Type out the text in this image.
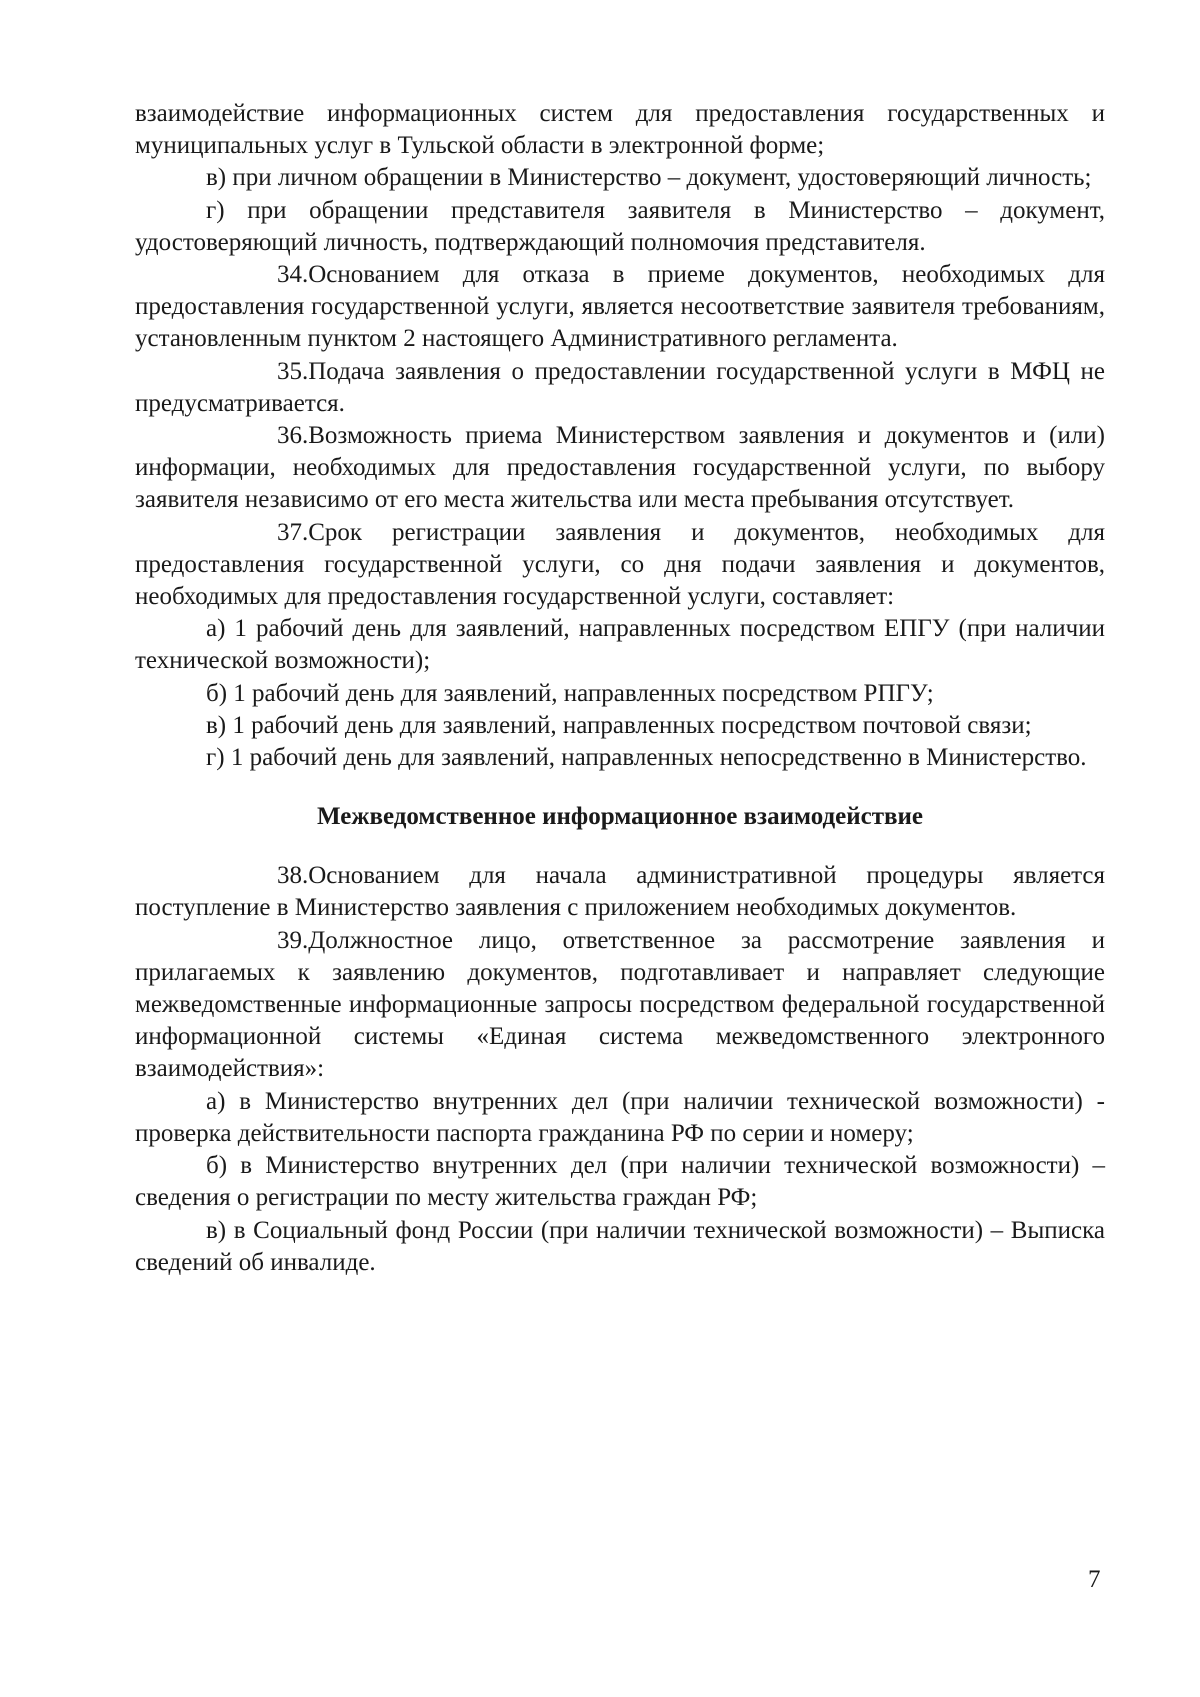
взаимодействие информационных систем для предоставления государственных и муниципальных услуг в Тульской области в электронной форме;

в) при личном обращении в Министерство – документ, удостоверяющий личность;

г) при обращении представителя заявителя в Министерство – документ, удостоверяющий личность, подтверждающий полномочия представителя.

34.Основанием для отказа в приеме документов, необходимых для предоставления государственной услуги, является несоответствие заявителя требованиям, установленным пунктом 2 настоящего Административного регламента.

35.Подача заявления о предоставлении государственной услуги в МФЦ не предусматривается.

36.Возможность приема Министерством заявления и документов и (или) информации, необходимых для предоставления государственной услуги, по выбору заявителя независимо от его места жительства или места пребывания отсутствует.

37.Срок регистрации заявления и документов, необходимых для предоставления государственной услуги, со дня подачи заявления и документов, необходимых для предоставления государственной услуги, составляет:

а) 1 рабочий день для заявлений, направленных посредством ЕПГУ (при наличии технической возможности);

б) 1 рабочий день для заявлений, направленных посредством РПГУ;

в) 1 рабочий день для заявлений, направленных посредством почтовой связи;

г) 1 рабочий день для заявлений, направленных непосредственно в Министерство.

Межведомственное информационное взаимодействие

38.Основанием для начала административной процедуры является поступление в Министерство заявления с приложением необходимых документов.

39.Должностное лицо, ответственное за рассмотрение заявления и прилагаемых к заявлению документов, подготавливает и направляет следующие межведомственные информационные запросы посредством федеральной государственной информационной системы «Единая система межведомственного электронного взаимодействия»:

а) в Министерство внутренних дел (при наличии технической возможности) - проверка действительности паспорта гражданина РФ по серии и номеру;

б) в Министерство внутренних дел (при наличии технической возможности) – сведения о регистрации по месту жительства граждан РФ;

в) в Социальный фонд России (при наличии технической возможности) – Выписка сведений об инвалиде.

7
